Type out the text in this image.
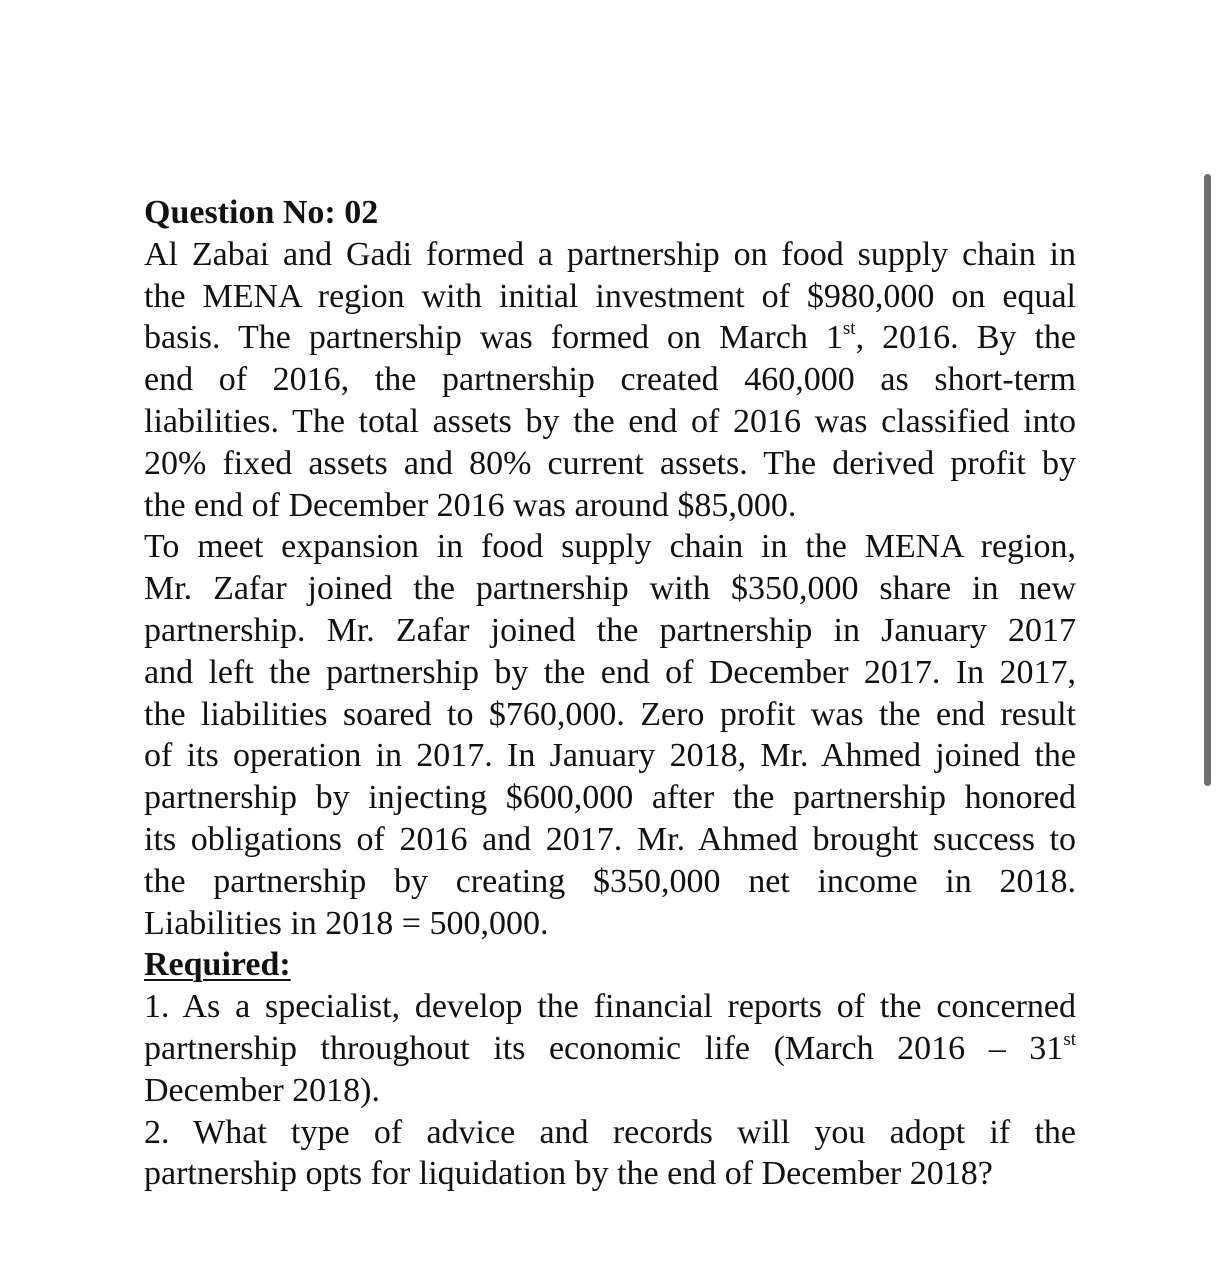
Question No: 02
Al Zabai and Gadi formed a partnership on food supply chain in
the MENA region with initial investment of $980,000 on equal
basis. The partnership was formed on March 1st, 2016. By the
end of 2016, the partnership created 460,000 as short-term
liabilities. The total assets by the end of 2016 was classified into
20% fixed assets and 80% current assets. The derived profit by
the end of December 2016 was around $85,000.
To meet expansion in food supply chain in the MENA region,
Mr. Zafar joined the partnership with $350,000 share in new
partnership. Mr. Zafar joined the partnership in January 2017
and left the partnership by the end of December 2017. In 2017,
the liabilities soared to $760,000. Zero profit was the end result
of its operation in 2017. In January 2018, Mr. Ahmed joined the
partnership by injecting $600,000 after the partnership honored
its obligations of 2016 and 2017. Mr. Ahmed brought success to
the partnership by creating $350,000 net income in 2018.
Liabilities in 2018 = 500,000.
Required:
1. As a specialist, develop the financial reports of the concerned
partnership throughout its economic life (March 2016 – 31st
December 2018).
2. What type of advice and records will you adopt if the
partnership opts for liquidation by the end of December 2018?
